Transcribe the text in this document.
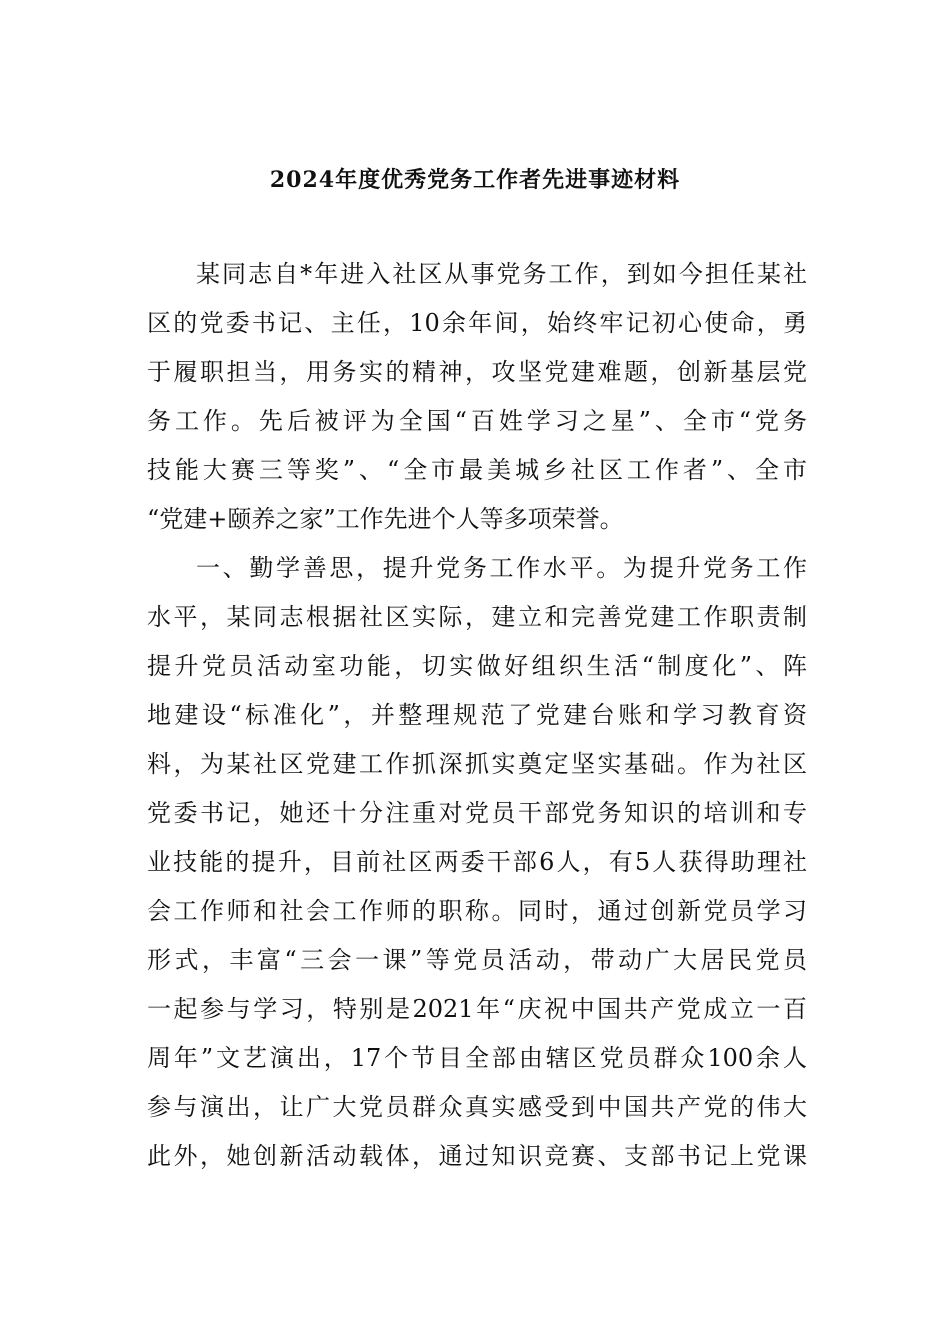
2024年度优秀党务工作者先进事迹材料
某同志自*年进入社区从事党务工作，到如今担任某社
区的党委书记、主任，10余年间，始终牢记初心使命，勇
于履职担当，用务实的精神，攻坚党建难题，创新基层党
务工作。先后被评为全国“百姓学习之星”、全市“党务
技能大赛三等奖”、“全市最美城乡社区工作者”、全市
“党建+颐养之家”工作先进个人等多项荣誉。
一、勤学善思，提升党务工作水平。为提升党务工作
水平，某同志根据社区实际，建立和完善党建工作职责制
提升党员活动室功能，切实做好组织生活“制度化”、阵
地建设“标准化”，并整理规范了党建台账和学习教育资
料，为某社区党建工作抓深抓实奠定坚实基础。作为社区
党委书记，她还十分注重对党员干部党务知识的培训和专
业技能的提升，目前社区两委干部6人，有5人获得助理社
会工作师和社会工作师的职称。同时，通过创新党员学习
形式，丰富“三会一课”等党员活动，带动广大居民党员
一起参与学习，特别是2021年“庆祝中国共产党成立一百
周年”文艺演出，17个节目全部由辖区党员群众100余人
参与演出，让广大党员群众真实感受到中国共产党的伟大
此外，她创新活动载体，通过知识竞赛、支部书记上党课
